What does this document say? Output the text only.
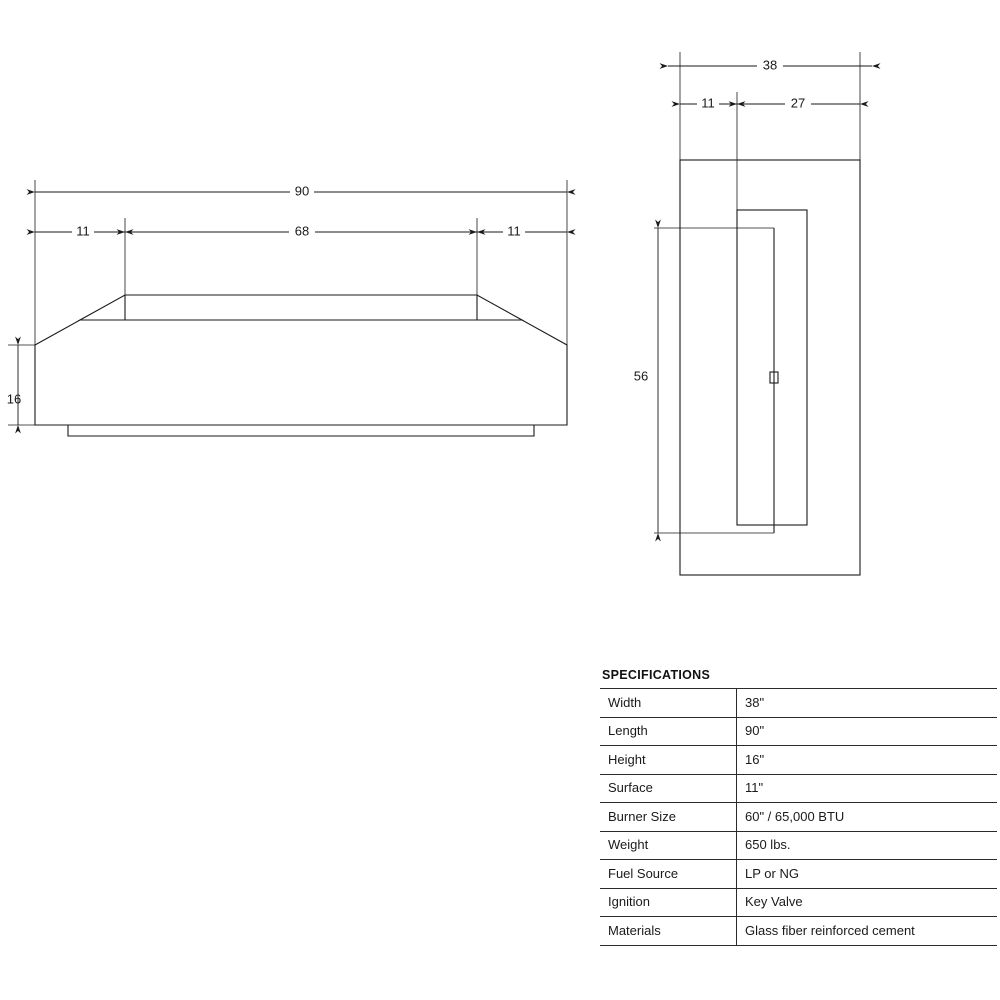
90
11	68	11
16
38
11	27
56
SPECIFICATIONS
Width	38"
Length	90"
Height	16"
Surface	11"
Burner Size	60" / 65,000 BTU
Weight	650 lbs.
Fuel Source	LP or NG
Ignition	Key Valve
Materials	Glass fiber reinforced cement
